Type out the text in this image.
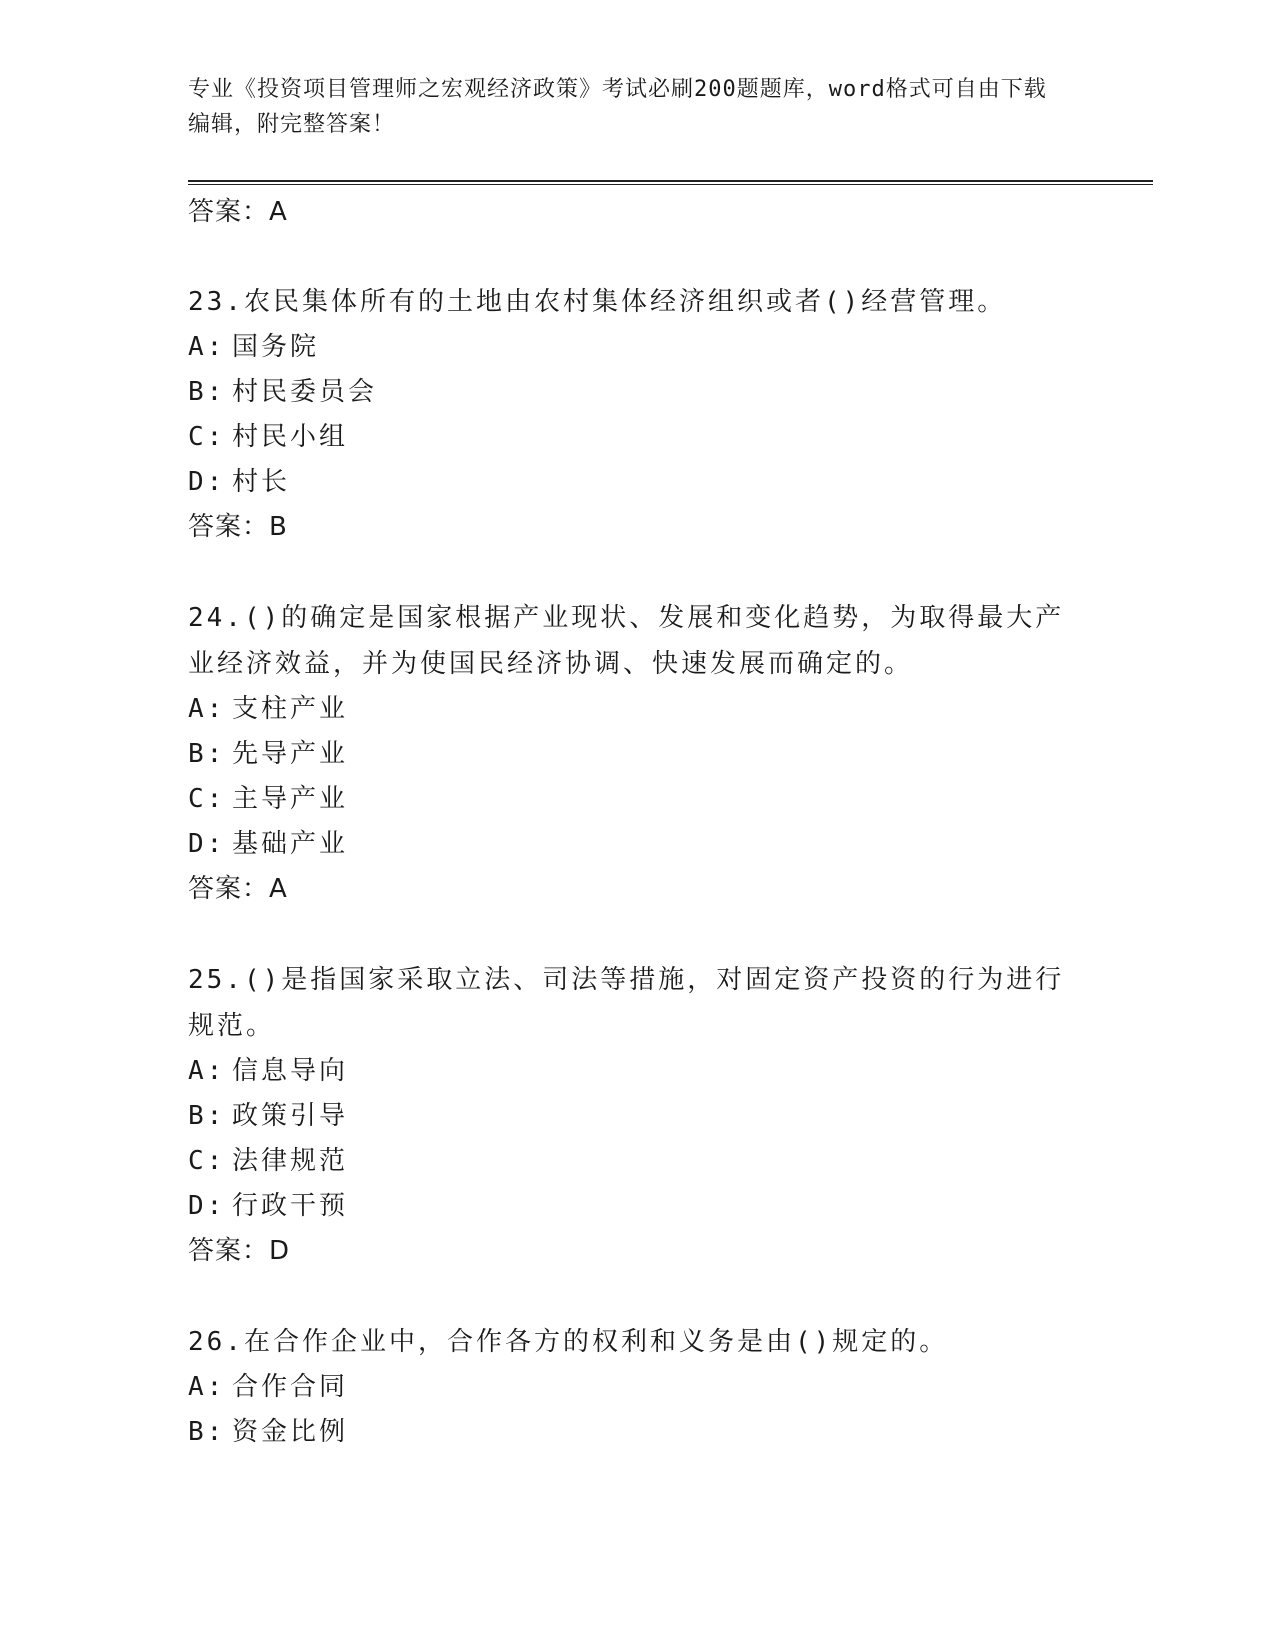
专业《投资项目管理师之宏观经济政策》考试必刷200题题库，word格式可自由下载编辑，附完整答案！
答案：A
23.农民集体所有的土地由农村集体经济组织或者()经营管理。
A: 国务院
B: 村民委员会
C: 村民小组
D: 村长
答案：B
24.()的确定是国家根据产业现状、发展和变化趋势，为取得最大产业经济效益，并为使国民经济协调、快速发展而确定的。
A: 支柱产业
B: 先导产业
C: 主导产业
D: 基础产业
答案：A
25.()是指国家采取立法、司法等措施，对固定资产投资的行为进行规范。
A: 信息导向
B: 政策引导
C: 法律规范
D: 行政干预
答案：D
26.在合作企业中，合作各方的权利和义务是由()规定的。
A: 合作合同
B: 资金比例
